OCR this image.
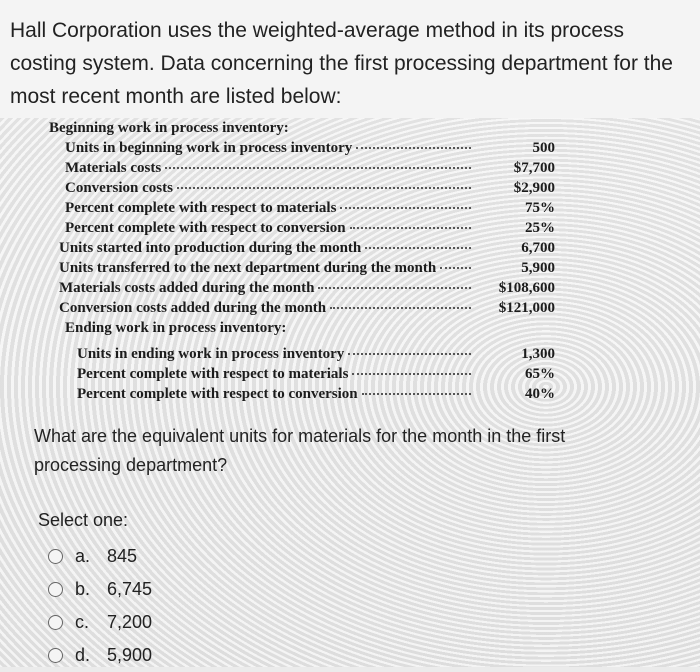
Hall Corporation uses the weighted-average method in its process costing system. Data concerning the first processing department for the most recent month are listed below:

Beginning work in process inventory:
Units in beginning work in process inventory	500
Materials costs	$7,700
Conversion costs	$2,900
Percent complete with respect to materials	75%
Percent complete with respect to conversion	25%
Units started into production during the month	6,700
Units transferred to the next department during the month	5,900
Materials costs added during the month	$108,600
Conversion costs added during the month	$121,000
Ending work in process inventory:
Units in ending work in process inventory	1,300
Percent complete with respect to materials	65%
Percent complete with respect to conversion	40%

What are the equivalent units for materials for the month in the first processing department?

Select one:
a. 845
b. 6,745
c. 7,200
d. 5,900
